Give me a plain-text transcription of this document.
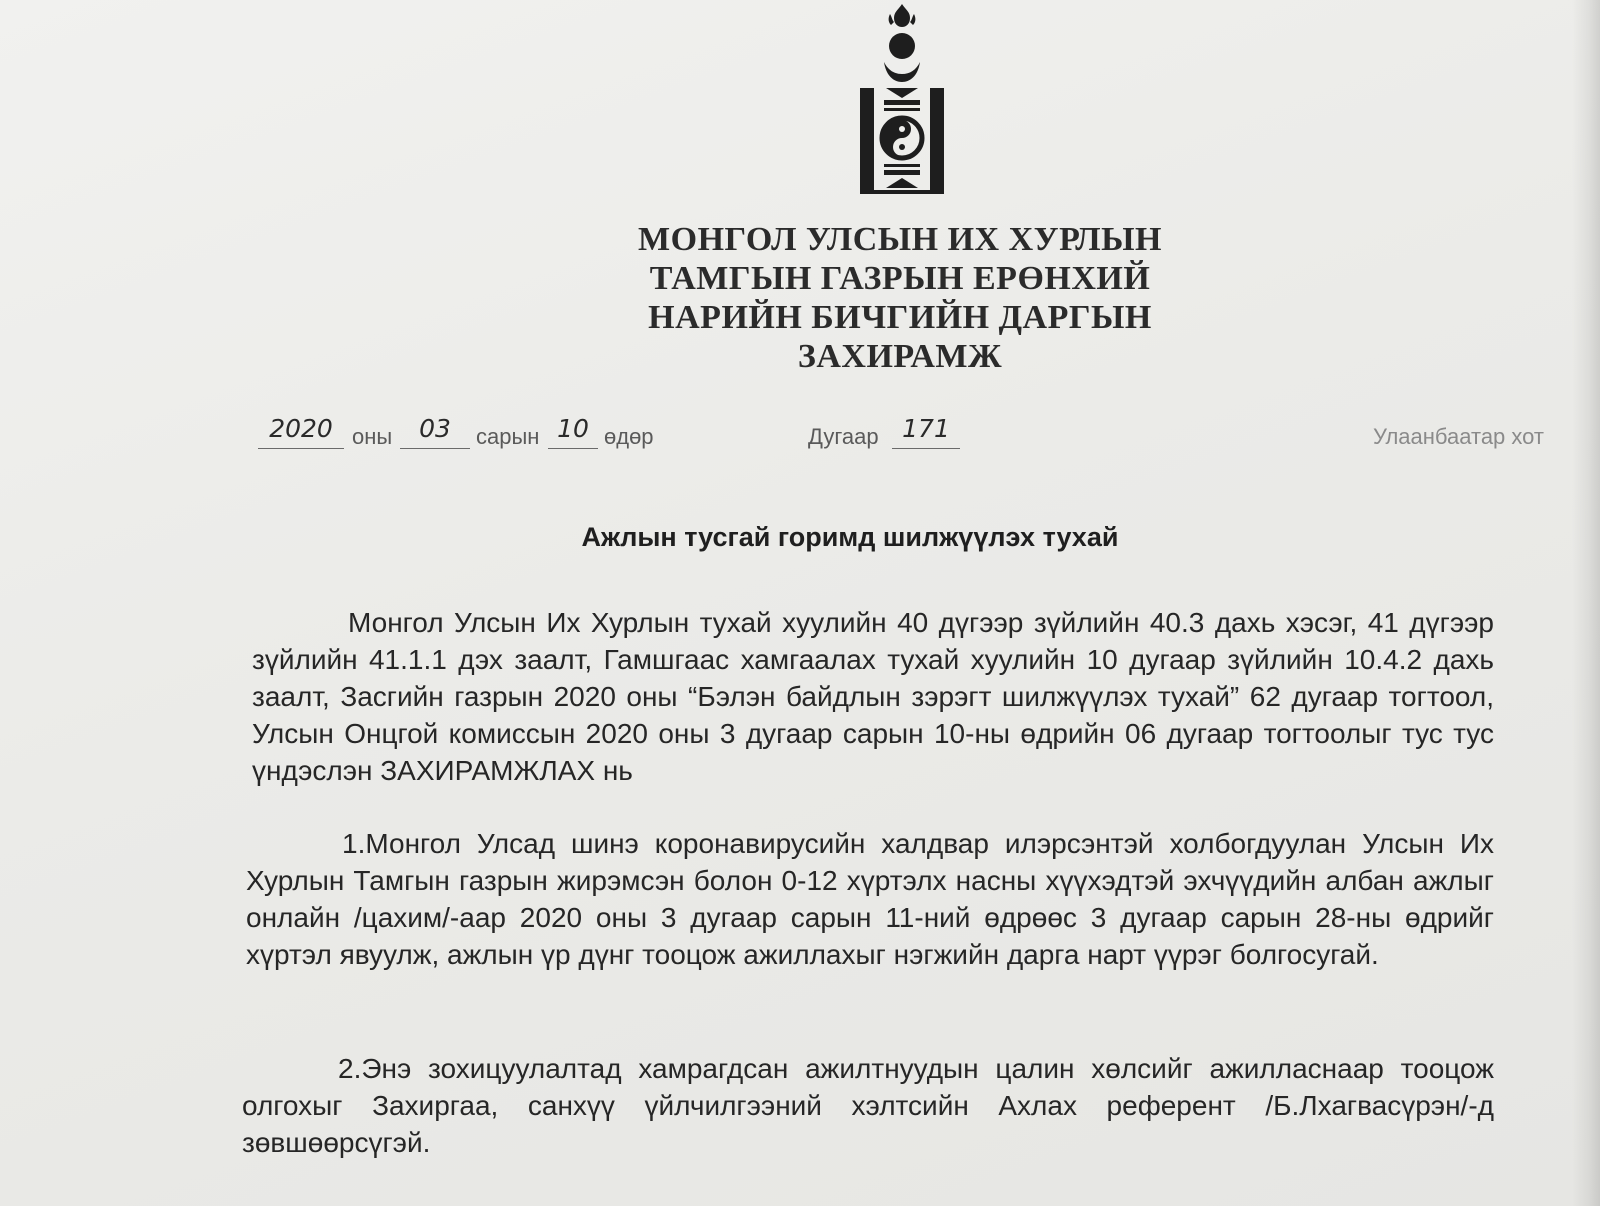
МОНГОЛ УЛСЫН ИХ ХУРЛЫН
ТАМГЫН ГАЗРЫН ЕРӨНХИЙ
НАРИЙН БИЧГИЙН ДАРГЫН
ЗАХИРАМЖ
2020 оны	03	сарын 10 өдөр	Дугаар 171	Улаанбаатар хот
Ажлын тусгай горимд шилжүүлэх тухай
Монгол Улсын Их Хурлын тухай хуулийн 40 дүгээр зүйлийн 40.3 дахь хэсэг, 41 дүгээр зүйлийн 41.1.1 дэх заалт, Гамшгаас хамгаалах тухай хуулийн 10 дугаар зүйлийн 10.4.2 дахь заалт, Засгийн газрын 2020 оны “Бэлэн байдлын зэрэгт шилжүүлэх тухай” 62 дугаар тогтоол, Улсын Онцгой комиссын 2020 оны 3 дугаар сарын 10-ны өдрийн 06 дугаар тогтоолыг тус тус үндэслэн ЗАХИРАМЖЛАХ нь
1.Монгол Улсад шинэ коронавирусийн халдвар илэрсэнтэй холбогдуулан Улсын Их Хурлын Тамгын газрын жирэмсэн болон 0-12 хүртэлх насны хүүхэдтэй эхчүүдийн албан ажлыг онлайн /цахим/-аар 2020 оны 3 дугаар сарын 11-ний өдрөөс 3 дугаар сарын 28-ны өдрийг хүртэл явуулж, ажлын үр дүнг тооцож ажиллахыг нэгжийн дарга нарт үүрэг болгосугай.
2.Энэ зохицуулалтад хамрагдсан ажилтнуудын цалин хөлсийг ажилласнаар тооцож олгохыг Захиргаа, санхүү үйлчилгээний хэлтсийн Ахлах референт /Б.Лхагвасүрэн/-д зөвшөөрсүгэй.
